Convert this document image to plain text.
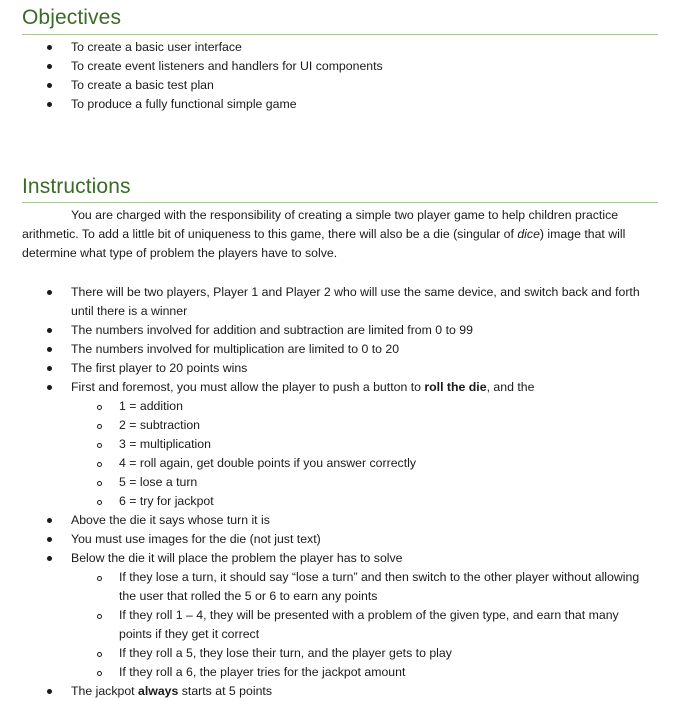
Objectives
To create a basic user interface
To create event listeners and handlers for UI components
To create a basic test plan
To produce a fully functional simple game
Instructions

You are charged with the responsibility of creating a simple two player game to help children practice arithmetic. To add a little bit of uniqueness to this game, there will also be a die (singular of dice) image that will determine what type of problem the players have to solve.

There will be two players, Player 1 and Player 2 who will use the same device, and switch back and forth until there is a winner
The numbers involved for addition and subtraction are limited from 0 to 99
The numbers involved for multiplication are limited to 0 to 20
The first player to 20 points wins
First and foremost, you must allow the player to push a button to roll the die, and the
1 = addition
2 = subtraction
3 = multiplication
4 = roll again, get double points if you answer correctly
5 = lose a turn
6 = try for jackpot
Above the die it says whose turn it is
You must use images for the die (not just text)
Below the die it will place the problem the player has to solve
If they lose a turn, it should say “lose a turn” and then switch to the other player without allowing the user that rolled the 5 or 6 to earn any points
If they roll 1 – 4, they will be presented with a problem of the given type, and earn that many points if they get it correct
If they roll a 5, they lose their turn, and the player gets to play
If they roll a 6, the player tries for the jackpot amount
The jackpot always starts at 5 points
